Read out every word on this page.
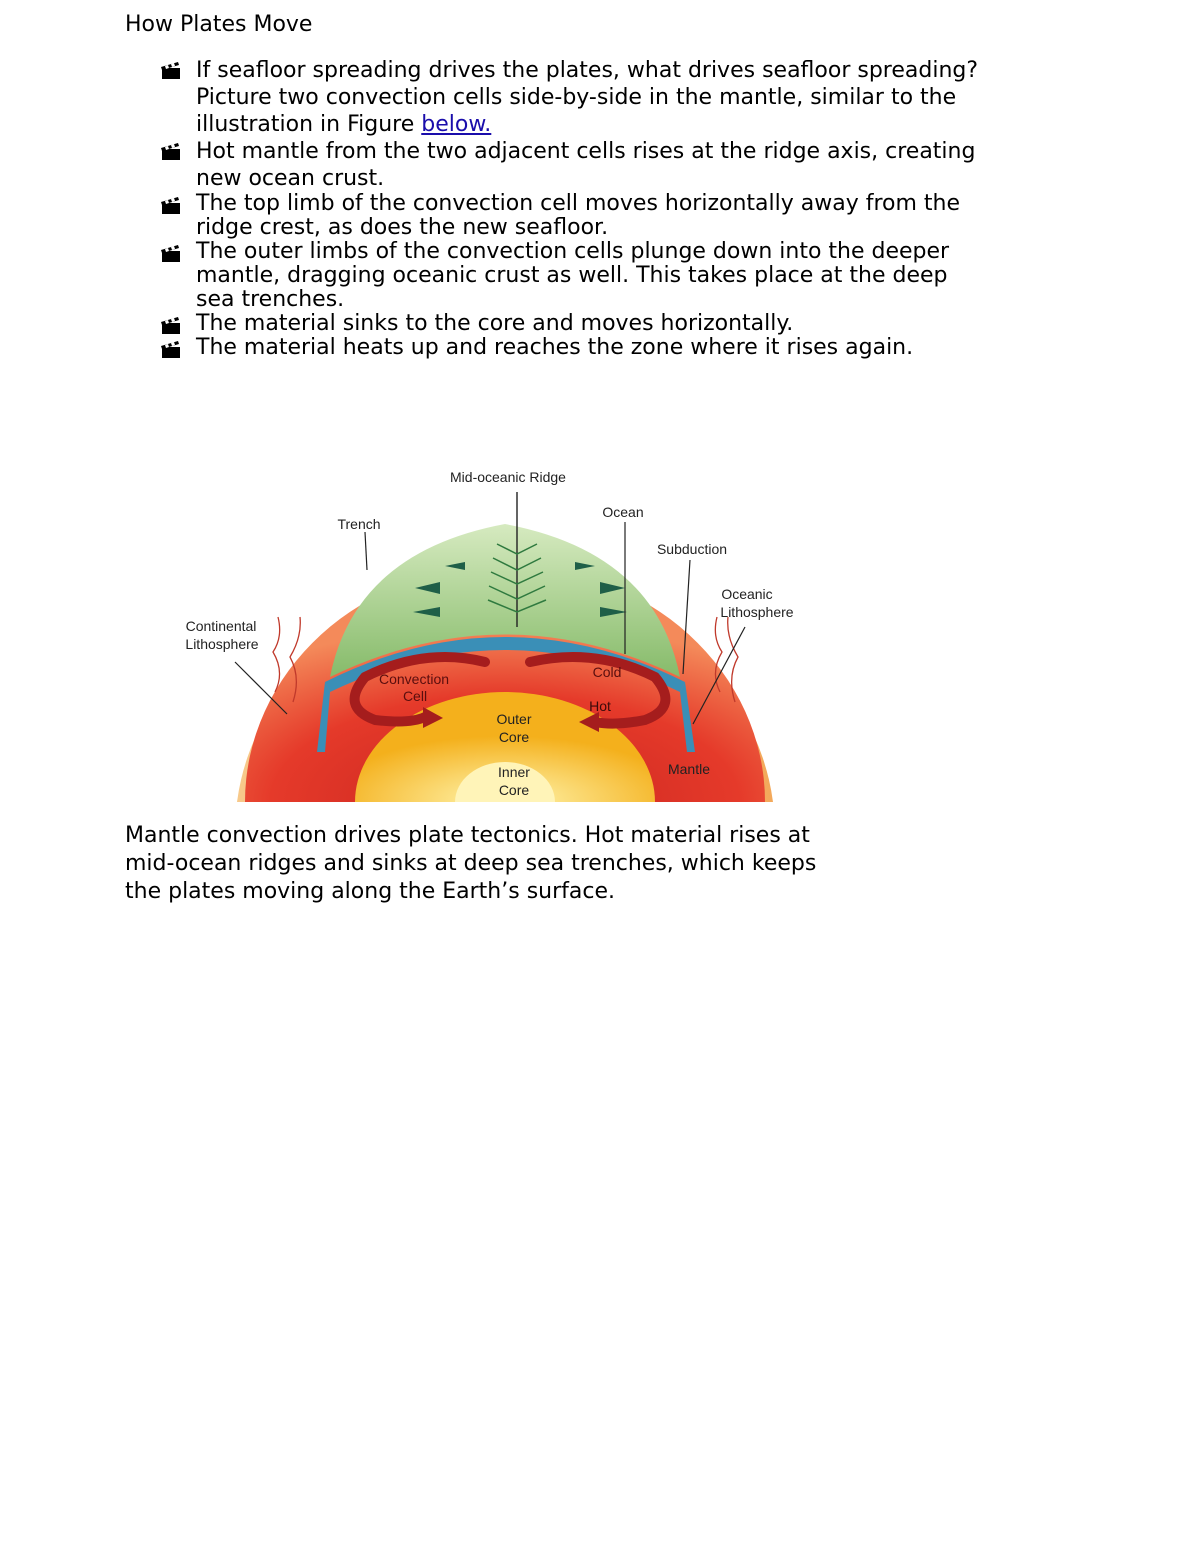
How Plates Move

If seafloor spreading drives the plates, what drives seafloor spreading? Picture two convection cells side-by-side in the mantle, similar to the illustration in Figure below.

Hot mantle from the two adjacent cells rises at the ridge axis, creating new ocean crust.

The top limb of the convection cell moves horizontally away from the ridge crest, as does the new seafloor.

The outer limbs of the convection cells plunge down into the deeper mantle, dragging oceanic crust as well. This takes place at the deep sea trenches.

The material sinks to the core and moves horizontally.

The material heats up and reaches the zone where it rises again.

Mid-oceanic Ridge
Trench
Ocean
Subduction
Oceanic
Lithosphere
Continental
Lithosphere
Convection
Cell
Cold
Hot
Outer
Core
Inner
Core
Mantle
Mantle convection drives plate tectonics. Hot material rises at mid-ocean ridges and sinks at deep sea trenches, which keeps the plates moving along the Earth’s surface.
